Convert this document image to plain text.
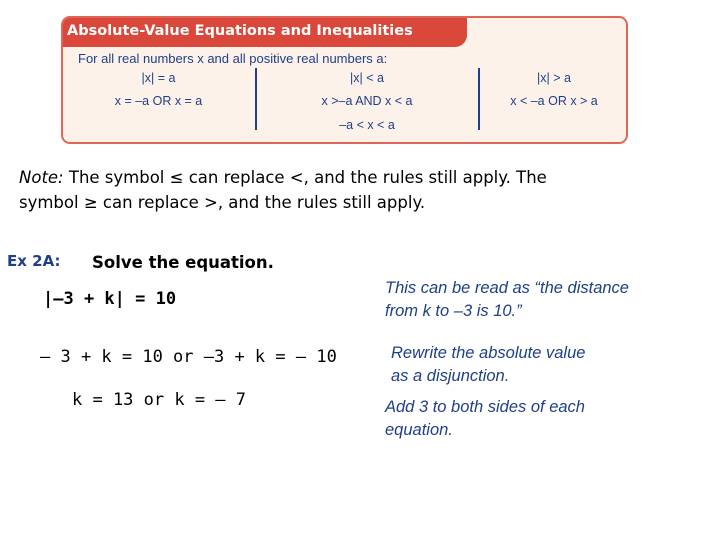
Absolute-Value Equations and Inequalities
For all real numbers x and all positive real numbers a:
|x| = a
x = –a OR x = a
|x| < a
x >–a AND x < a
–a < x < a
|x| > a
x < –a OR x > a
Note: The symbol ≤ can replace <, and the rules still apply. The
symbol ≥ can replace >, and the rules still apply.
Ex 2A: Solve the equation.
|–3 + k| = 10
– 3 + k = 10 or –3 + k = – 10
k = 13 or k = – 7
This can be read as “the distance
from k to –3 is 10.”
Rewrite the absolute value
as a disjunction.
Add 3 to both sides of each
equation.
